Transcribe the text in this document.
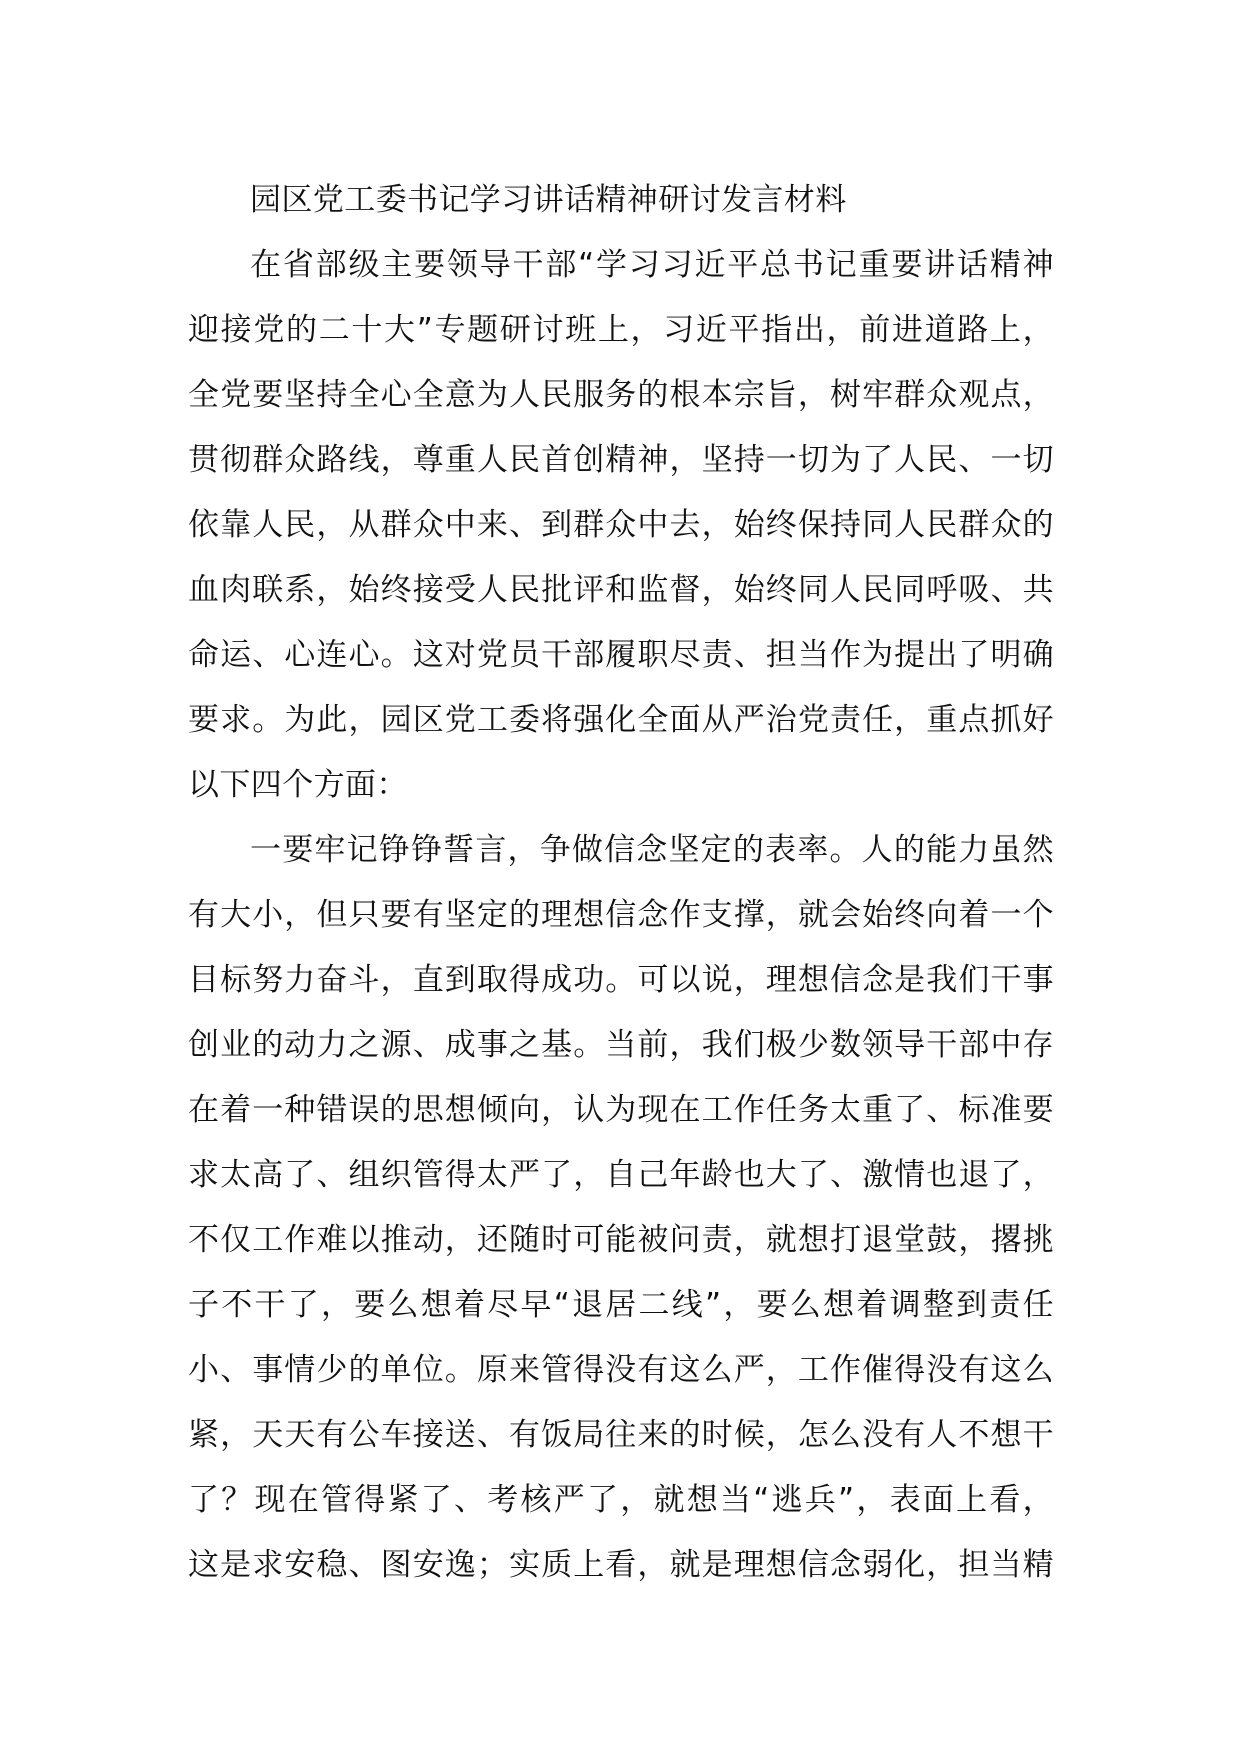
园区党工委书记学习讲话精神研讨发言材料
在省部级主要领导干部“学习习近平总书记重要讲话精神
迎接党的二十大”专题研讨班上，习近平指出，前进道路上，
全党要坚持全心全意为人民服务的根本宗旨，树牢群众观点，
贯彻群众路线，尊重人民首创精神，坚持一切为了人民、一切
依靠人民，从群众中来、到群众中去，始终保持同人民群众的
血肉联系，始终接受人民批评和监督，始终同人民同呼吸、共
命运、心连心。这对党员干部履职尽责、担当作为提出了明确
要求。为此，园区党工委将强化全面从严治党责任，重点抓好
以下四个方面：
一要牢记铮铮誓言，争做信念坚定的表率。人的能力虽然
有大小，但只要有坚定的理想信念作支撑，就会始终向着一个
目标努力奋斗，直到取得成功。可以说，理想信念是我们干事
创业的动力之源、成事之基。当前，我们极少数领导干部中存
在着一种错误的思想倾向，认为现在工作任务太重了、标准要
求太高了、组织管得太严了，自己年龄也大了、激情也退了，
不仅工作难以推动，还随时可能被问责，就想打退堂鼓，撂挑
子不干了，要么想着尽早“退居二线”，要么想着调整到责任
小、事情少的单位。原来管得没有这么严，工作催得没有这么
紧，天天有公车接送、有饭局往来的时候，怎么没有人不想干
了？现在管得紧了、考核严了，就想当“逃兵”，表面上看，
这是求安稳、图安逸；实质上看，就是理想信念弱化，担当精
